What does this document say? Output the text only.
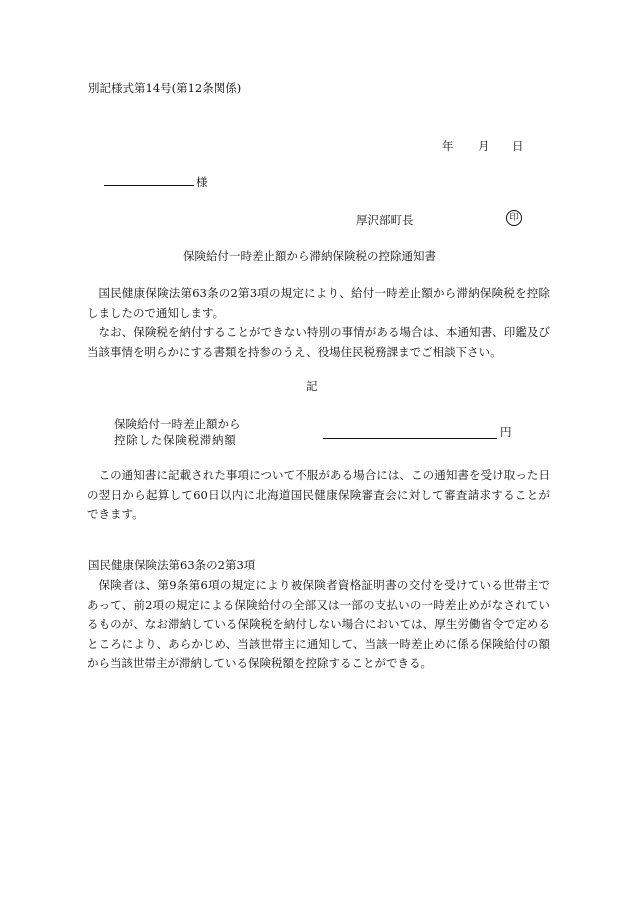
別記様式第14号(第12条関係)
年 月 日
様
厚沢部町長	印
保険給付一時差止額から滞納保険税の控除通知書
国民健康保険法第63条の2第3項の規定により、給付一時差止額から滞納保険税を控除しましたので通知します。
なお、保険税を納付することができない特別の事情がある場合は、本通知書、印鑑及び当該事情を明らかにする書類を持参のうえ、役場住民税務課までご相談下さい。
記
保険給付一時差止額から
控除した保険税滞納額
円
この通知書に記載された事項について不服がある場合には、この通知書を受け取った日の翌日から起算して60日以内に北海道国民健康保険審査会に対して審査請求することができます。
国民健康保険法第63条の2第3項
保険者は、第9条第6項の規定により被保険者資格証明書の交付を受けている世帯主であって、前2項の規定による保険給付の全部又は一部の支払いの一時差止めがなされているものが、なお滞納している保険税を納付しない場合においては、厚生労働省令で定めるところにより、あらかじめ、当該世帯主に通知して、当該一時差止めに係る保険給付の額から当該世帯主が滞納している保険税額を控除することができる。
